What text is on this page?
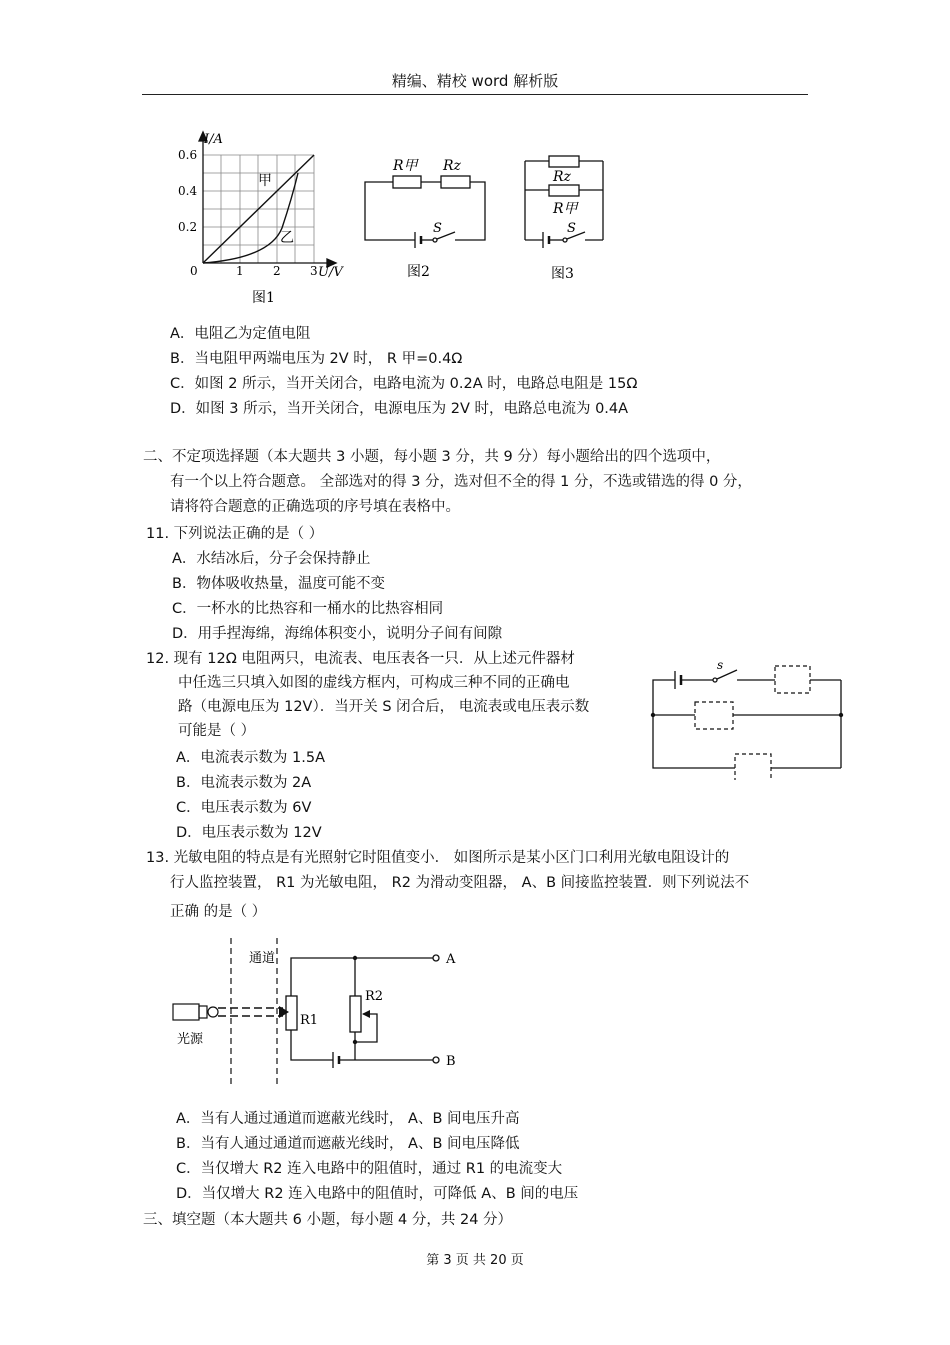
精编、精校 word 解析版
I/A
U/V
0.6
0.4
0.2
0	1 2 3
甲
乙
图1
R甲 Rz
S
图2
Rz
R甲
S
图3
A．电阻乙为定值电阻
B．当电阻甲两端电压为 2V 时， R 甲=0.4Ω
C．如图 2 所示，当开关闭合，电路电流为 0.2A 时，电路总电阻是 15Ω
D．如图 3 所示，当开关闭合，电源电压为 2V 时，电路总电流为 0.4A
二、不定项选择题（本大题共 3 小题，每小题 3 分，共 9 分）每小题给出的四个选项中，
有一个以上符合题意。 全部选对的得 3 分，选对但不全的得 1 分，不选或错选的得 0 分，
请将符合题意的正确选项的序号填在表格中。
11. 下列说法正确的是（ ）
A．水结冰后，分子会保持静止
B．物体吸收热量，温度可能不变
C．一杯水的比热容和一桶水的比热容相同
D．用手捏海绵，海绵体积变小，说明分子间有间隙
12. 现有 12Ω 电阻两只，电流表、电压表各一只．从上述元件器材
中任选三只填入如图的虚线方框内，可构成三种不同的正确电
路（电源电压为 12V）．当开关 S 闭合后， 电流表或电压表示数
可能是（ ）
A．电流表示数为 1.5A
B．电流表示数为 2A
C．电压表示数为 6V
D．电压表示数为 12V
s
13. 光敏电阻的特点是有光照射它时阻值变小． 如图所示是某小区门口利用光敏电阻设计的
行人监控装置， R1 为光敏电阻， R2 为滑动变阻器， A、B 间接监控装置．则下列说法不
正确 的是（ ）
通道
光源
R1
R2
A
B
A．当有人通过通道而遮蔽光线时， A、B 间电压升高
B．当有人通过通道而遮蔽光线时， A、B 间电压降低
C．当仅增大 R2 连入电路中的阻值时，通过 R1 的电流变大
D．当仅增大 R2 连入电路中的阻值时，可降低 A、B 间的电压
三、填空题（本大题共 6 小题，每小题 4 分，共 24 分）
第 3 页 共 20 页
